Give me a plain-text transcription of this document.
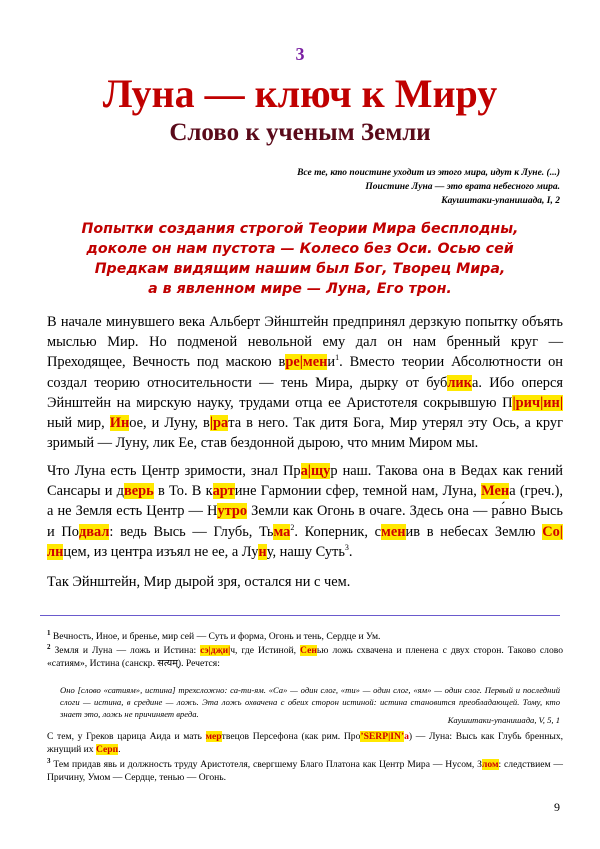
3
Луна — ключ к Миру
Слово к ученым Земли
Все те, кто поистине уходит из этого мира, идут к Луне. (...)
Поистине Луна — это врата небесного мира.
Каушитаки-упанишада, I, 2
Попытки создания строгой Теории Мира бесплодны,
доколе он нам пустота — Колесо без Оси. Осью сей
Предкам видящим нашим был Бог, Творец Мира,
а в явленном мире — Луна, Его трон.
В начале минувшего века Альберт Эйнштейн предпринял дерзкую попытку объять мыслью Мир. Но подменой невольной ему дал он нам бренный круг — Преходящее, Вечность под маскою вре|мени$^1$. Вместо теории Абсолютности он создал теорию относительности — тень Мира, дырку от бублика. Ибо оперся Эйнштейн на мирскую науку, трудами отца ее Аристотеля сокрывшую П|рич|ин|ный мир, Иное, и Луну, в|рата в него. Так дитя Бога, Мир утерял эту Ось, а круг зримый — Луну, лик Ее, став бездонной дырою, что мним Миром мы.
Что Луна есть Центр зримости, знал Пра|щур наш. Такова она в Ведах как гений Сансары и дверь в То. В картине Гармонии сфер, темной нам, Луна, Мена (греч.), а не Земля есть Центр — Нутро Земли как Огонь в очаге. Здесь она — ра́вно Высь и Подвал: ведь Высь — Глубь, Тьма$^2$. Коперник, сменив в небесах Землю Со|лнцем, из центра изъял не ее, а Луну, нашу Суть$^3$.
Так Эйнштейн, Мир дырой зря, остался ни с чем.
$^1$ Вечность, Иное, и бренье, мир сей — Суть и форма, Огонь и тень, Сердце и Ум.
$^2$ Земля и Луна — ложь и Истина: сэ|дҗи|ч, где Истиной, Сенью ложь схвачена и пленена с двух сторон. Таково слово «сатиям», Истина (санскр. सत्यम्). Речется:
Оно [слово «сатиям», истина] трехсложно: са-ти-ям. «Са» — один слог, «ти» — один слог, «ям» — один слог. Первый и последний слоги — истина, в средине — ложь. Эта ложь охвачена с обеих сторон истиной: истина становится преобладающей. Тому, кто знает это, ложь не причиняет вреда.
Каушитаки-упанишада, V, 5, 1
С тем, у Греков царица Аида и мать мертвецов Персефона (как рим. Про’SERP|IN’a) — Луна: Высь как Глубь бренных, жнущий их Серп.
$^3$ Тем придав явь и должность труду Аристотеля, свергшему Благо Платона как Центр Мира — Нусом, Злом: следствием — Причину, Умом — Сердце, тенью — Огонь.
9
